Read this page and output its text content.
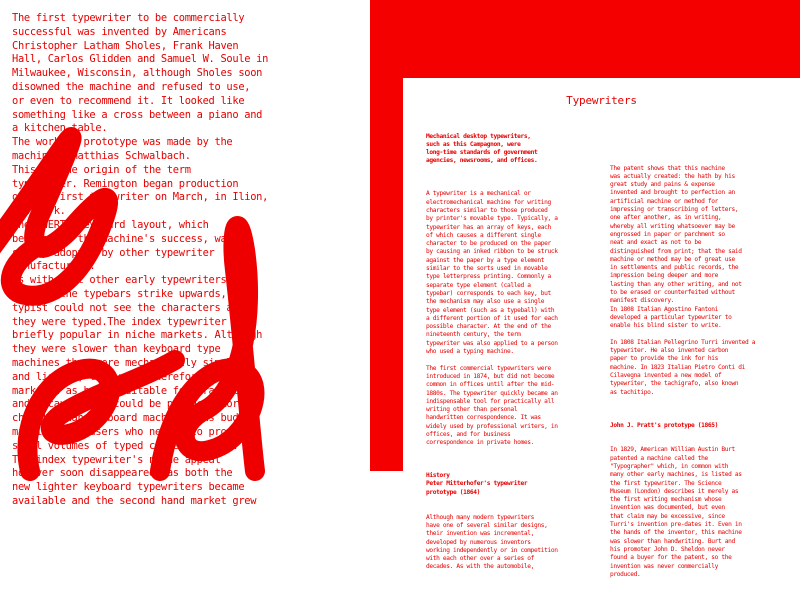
The first typewriter to be commercially
successful was invented by Americans
Christopher Latham Sholes, Frank Haven
Hall, Carlos Glidden and Samuel W. Soule in
Milwaukee, Wisconsin, although Sholes soon
disowned the machine and refused to use,
or even to recommend it. It looked like
something like a cross between a piano and
a kitchen table.
The working prototype was made by the
machinist Matthias Schwalbach.
This is the origin of the term
typewriter. Remington began production
of its first typewriter on March, in Ilion,
New York.
The QWERTY keyboard layout, which
because of the machine's success, was
slowly adopted by other typewriter
manufacturers.
As with most other early typewriters,
because the typebars strike upwards, the
typist could not see the characters as
they were typed.The index typewriter was
briefly popular in niche markets. Although
they were slower than keyboard type
machines they were mechanically simpler
and lighter, they were therefore
marketed as being suitable for travellers,
and because they could be produced more
cheaply than keyboard machines, as budget
machines for users who needed to produce
small volumes of typed correspondence.
The index typewriter's niche appeal
however soon disappeared, as both the
new lighter keyboard typewriters became
available and the second hand market grew
Typewriters

Mechanical desktop typewriters,
such as this Campagnon, were
long-time standards of government
agencies, newsrooms, and offices.

A typewriter is a mechanical or
electromechanical machine for writing
characters similar to those produced
by printer's movable type. Typically, a
typewriter has an array of keys, each
of which causes a different single
character to be produced on the paper
by causing an inked ribbon to be struck
against the paper by a type element
similar to the sorts used in movable
type letterpress printing. Commonly a
separate type element (called a
typebar) corresponds to each key, but
the mechanism may also use a single
type element (such as a typeball) with
a different portion of it used for each
possible character. At the end of the
nineteenth century, the term
typewriter was also applied to a person
who used a typing machine.

The first commercial typewriters were
introduced in 1874, but did not become
common in offices until after the mid-
1880s. The typewriter quickly became an
indispensable tool for practically all
writing other than personal
handwritten correspondence. It was
widely used by professional writers, in
offices, and for business
correspondence in private homes.

History
Peter Mitterhofer's typewriter
prototype (1864)

Although many modern typewriters
have one of several similar designs,
their invention was incremental,
developed by numerous inventors
working independently or in competition
with each other over a series of
decades. As with the automobile,

The patent shows that this machine
was actually created: the hath by his
great study and pains & expense
invented and brought to perfection an
artificial machine or method for
impressing or transcribing of letters,
one after another, as in writing,
whereby all writing whatsoever may be
engrossed in paper or parchment so
neat and exact as not to be
distinguished from print; that the said
machine or method may be of great use
in settlements and public records, the
impression being deeper and more
lasting than any other writing, and not
to be erased or counterfeited without
manifest discovery.
In 1808 Italian Agostino Fantoni
developed a particular typewriter to
enable his blind sister to write.

In 1808 Italian Pellegrino Turri invented a
typewriter. He also invented carbon
paper to provide the ink for his
machine. In 1823 Italian Pietro Conti di
Cilavegna invented a new model of
typewriter, the tachigrafo, also known
as tachitipo.

John J. Pratt's prototype (1865)

In 1829, American William Austin Burt
patented a machine called the
"Typographer" which, in common with
many other early machines, is listed as
the first typewriter. The Science
Museum (London) describes it merely as
the first writing mechanism whose
invention was documented, but even
that claim may be excessive, since
Turri's invention pre-dates it. Even in
the hands of the inventor, this machine
was slower than handwriting. Burt and
his promoter John D. Sheldon never
found a buyer for the patent, so the
invention was never commercially
produced.
